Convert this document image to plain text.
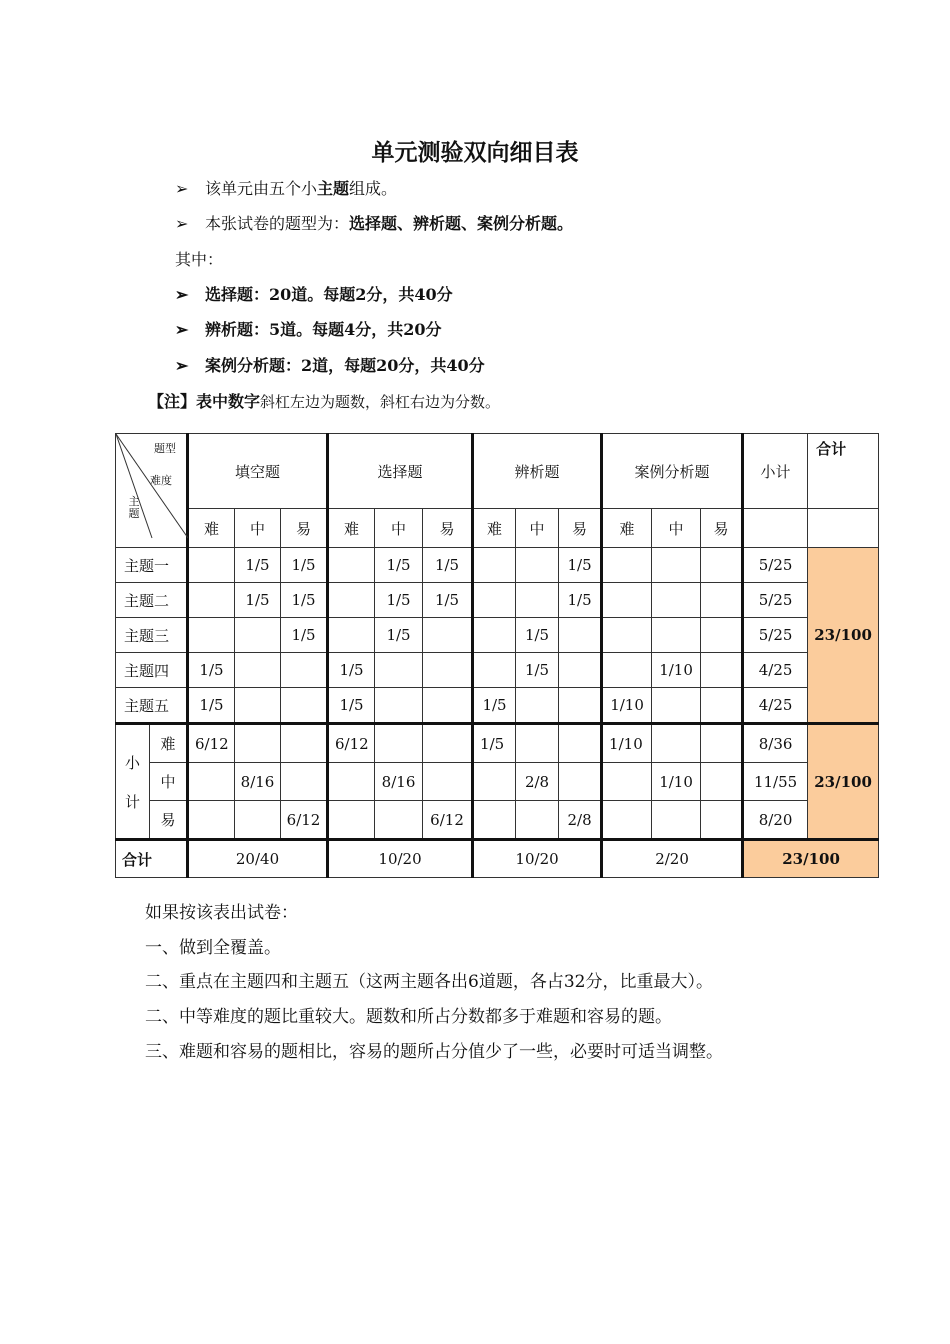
单元测验双向细目表
➢ 该单元由五个小主题组成。
➢ 本张试卷的题型为：选择题、辨析题、案例分析题。
其中：
➢ 选择题：20道。每题2分，共40分
➢ 辨析题：5道。每题4分，共20分
➢ 案例分析题：2道，每题20分，共40分
【注】表中数字斜杠左边为题数，斜杠右边为分数。
题型
难度
主题		填空题			选择题			辨析题			案例分析题			小计	合计
		难	中	易	难	中	易	难	中	易	难	中	易		
主题一			1/5	1/5		1/5	1/5			1/5				5/25	23/100
主题二			1/5	1/5		1/5	1/5			1/5				5/25	
主题三				1/5		1/5			1/5					5/25	
主题四		1/5			1/5				1/5			1/10		4/25	
主题五		1/5			1/5			1/5			1/10			4/25	

小
计	难	6/12			6/12			1/5			1/10			8/36	23/100
	中		8/16			8/16			2/8			1/10		11/55	
	易			6/12			6/12			2/8				8/20	
合计		20/40			10/20			10/20			2/20			23/100	
如果按该表出试卷：
一、做到全覆盖。
二、重点在主题四和主题五（这两主题各出6道题，各占32分，比重最大）。
二、中等难度的题比重较大。题数和所占分数都多于难题和容易的题。
三、难题和容易的题相比，容易的题所占分值少了一些，必要时可适当调整。
